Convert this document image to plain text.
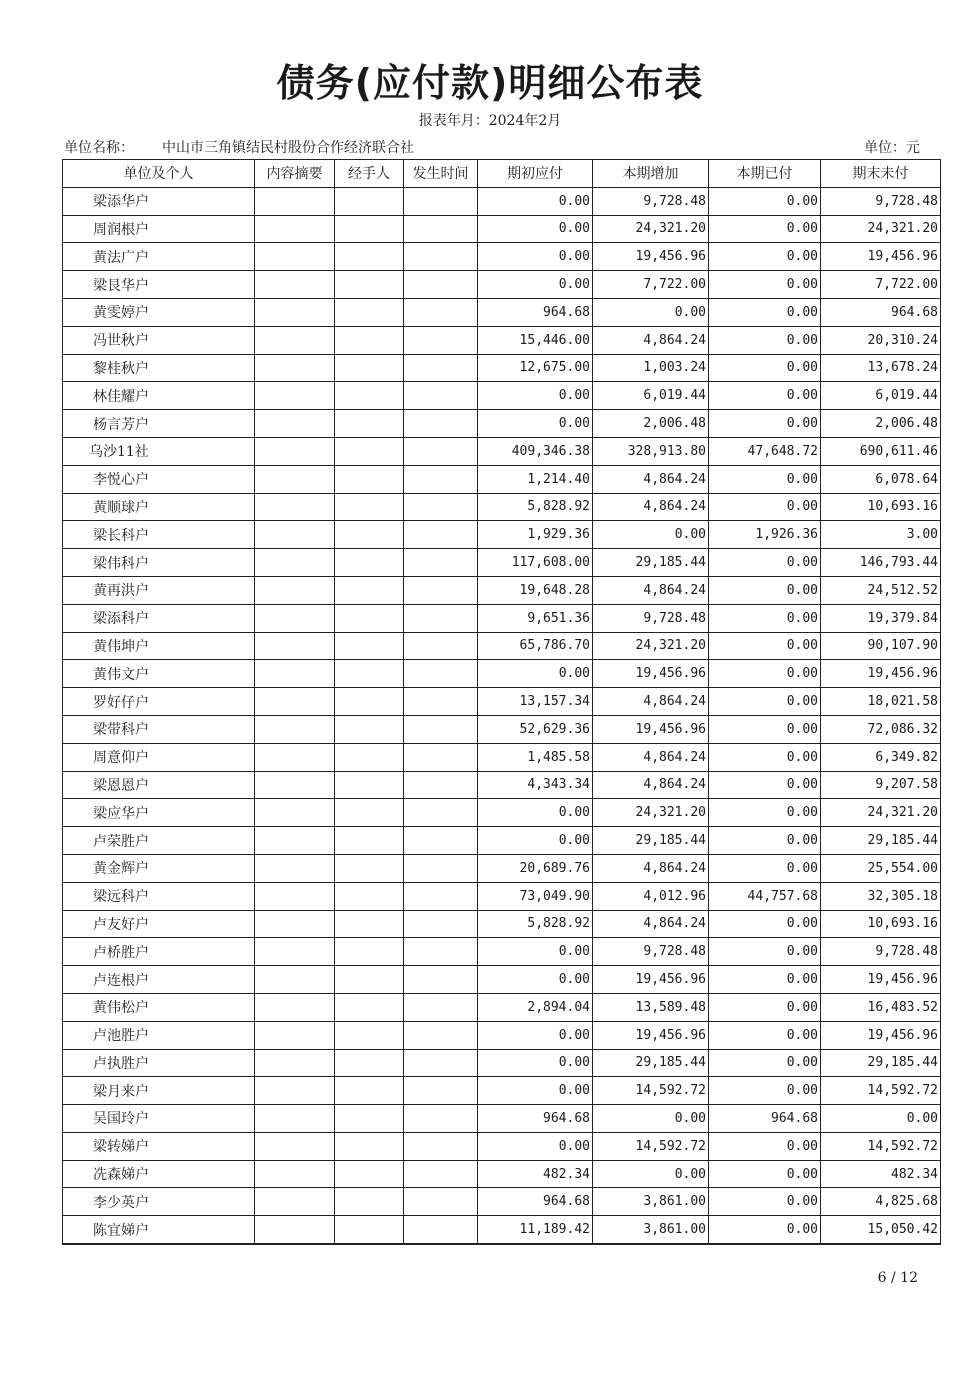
债务(应付款)明细公布表
报表年月：2024年2月
单位名称： 中山市三角镇结民村股份合作经济联合社	单位：元
单位及个人	内容摘要	经手人	发生时间	期初应付	本期增加	本期已付	期末未付
梁添华户				0.00	9,728.48	0.00	9,728.48
周润根户				0.00	24,321.20	0.00	24,321.20
黄法广户				0.00	19,456.96	0.00	19,456.96
梁艮华户				0.00	7,722.00	0.00	7,722.00
黄雯婷户				964.68	0.00	0.00	964.68
冯世秋户				15,446.00	4,864.24	0.00	20,310.24
黎桂秋户				12,675.00	1,003.24	0.00	13,678.24
林佳耀户				0.00	6,019.44	0.00	6,019.44
杨言芳户				0.00	2,006.48	0.00	2,006.48
乌沙11社				409,346.38	328,913.80	47,648.72	690,611.46
李悦心户				1,214.40	4,864.24	0.00	6,078.64
黄顺球户				5,828.92	4,864.24	0.00	10,693.16
梁长科户				1,929.36	0.00	1,926.36	3.00
梁伟科户				117,608.00	29,185.44	0.00	146,793.44
黄再洪户				19,648.28	4,864.24	0.00	24,512.52
梁添科户				9,651.36	9,728.48	0.00	19,379.84
黄伟坤户				65,786.70	24,321.20	0.00	90,107.90
黄伟文户				0.00	19,456.96	0.00	19,456.96
罗好仔户				13,157.34	4,864.24	0.00	18,021.58
梁带科户				52,629.36	19,456.96	0.00	72,086.32
周意仰户				1,485.58	4,864.24	0.00	6,349.82
梁恩恩户				4,343.34	4,864.24	0.00	9,207.58
梁应华户				0.00	24,321.20	0.00	24,321.20
卢荣胜户				0.00	29,185.44	0.00	29,185.44
黄金辉户				20,689.76	4,864.24	0.00	25,554.00
梁远科户				73,049.90	4,012.96	44,757.68	32,305.18
卢友好户				5,828.92	4,864.24	0.00	10,693.16
卢桥胜户				0.00	9,728.48	0.00	9,728.48
卢连根户				0.00	19,456.96	0.00	19,456.96
黄伟松户				2,894.04	13,589.48	0.00	16,483.52
卢池胜户				0.00	19,456.96	0.00	19,456.96
卢执胜户				0.00	29,185.44	0.00	29,185.44
梁月来户				0.00	14,592.72	0.00	14,592.72
吴国玲户				964.68	0.00	964.68	0.00
梁转娣户				0.00	14,592.72	0.00	14,592.72
冼森娣户				482.34	0.00	0.00	482.34
李少英户				964.68	3,861.00	0.00	4,825.68
陈宜娣户				11,189.42	3,861.00	0.00	15,050.42
6 / 12
